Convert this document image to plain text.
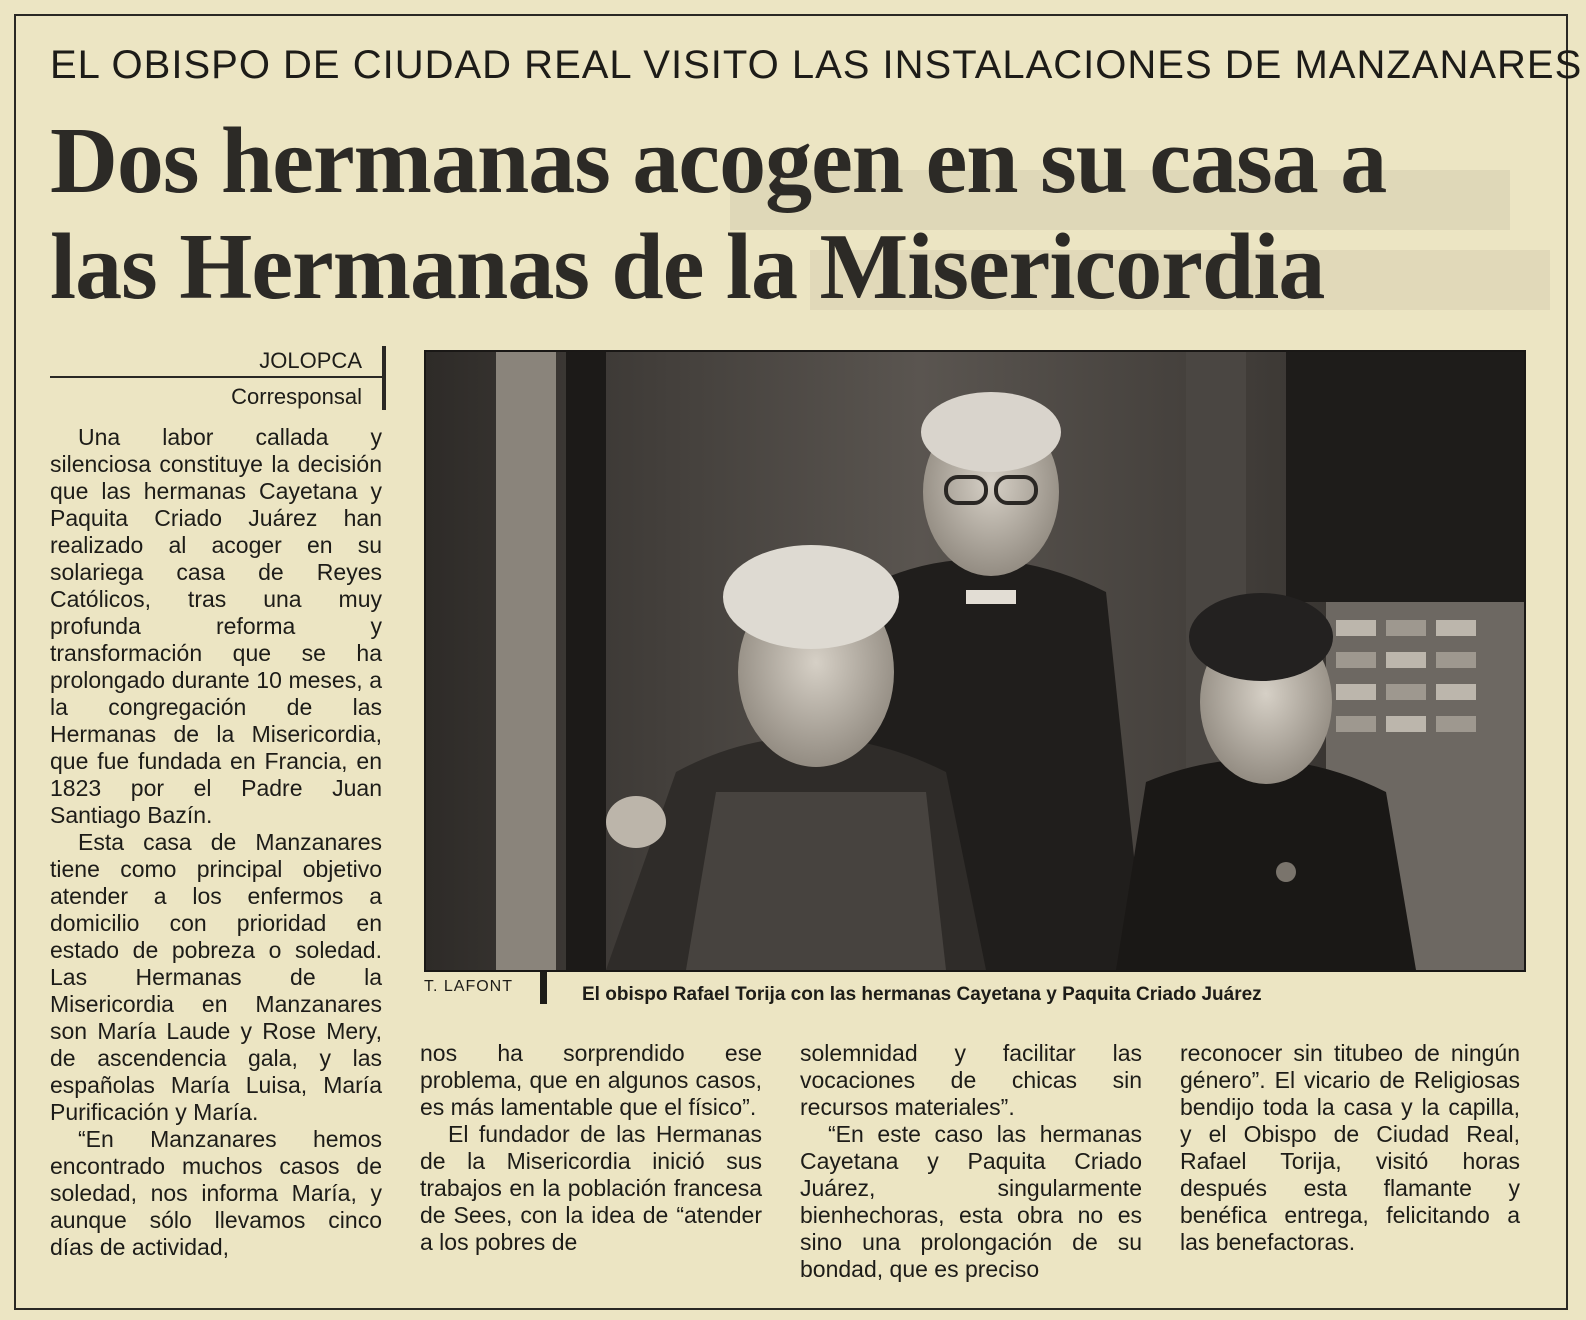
EL OBISPO DE CIUDAD REAL VISITO LAS INSTALACIONES DE MANZANARES
Dos hermanas acogen en su casa a
las Hermanas de la Misericordia
JOLOPCA
Corresponsal

Una labor callada y silenciosa constituye la decisión que las hermanas Cayetana y Paquita Criado Juárez han realizado al acoger en su solariega casa de Reyes Católicos, tras una muy profunda reforma y transformación que se ha prolongado durante 10 meses, a la congregación de las Hermanas de la Misericordia, que fue fundada en Francia, en 1823 por el Padre Juan Santiago Bazín.

Esta casa de Manzanares tiene como principal objetivo atender a los enfermos a domicilio con prioridad en estado de pobreza o soledad. Las Hermanas de la Misericordia en Manzanares son María Laude y Rose Mery, de ascendencia gala, y las españolas María Luisa, María Purificación y María.

“En Manzanares hemos encontrado muchos casos de soledad, nos informa María, y aunque sólo llevamos cinco días de actividad,

T. LAFONT	El obispo Rafael Torija con las hermanas Cayetana y Paquita Criado Juárez

nos ha sorprendido ese problema, que en algunos casos, es más lamentable que el físico”.

El fundador de las Hermanas de la Misericordia inició sus trabajos en la población francesa de Sees, con la idea de “atender a los pobres de

solemnidad y facilitar las vocaciones de chicas sin recursos materiales”.

“En este caso las hermanas Cayetana y Paquita Criado Juárez, singularmente bienhechoras, esta obra no es sino una prolongación de su bondad, que es preciso

reconocer sin titubeo de ningún género”. El vicario de Religiosas bendijo toda la casa y la capilla, y el Obispo de Ciudad Real, Rafael Torija, visitó horas después esta flamante y benéfica entrega, felicitando a las benefactoras.
